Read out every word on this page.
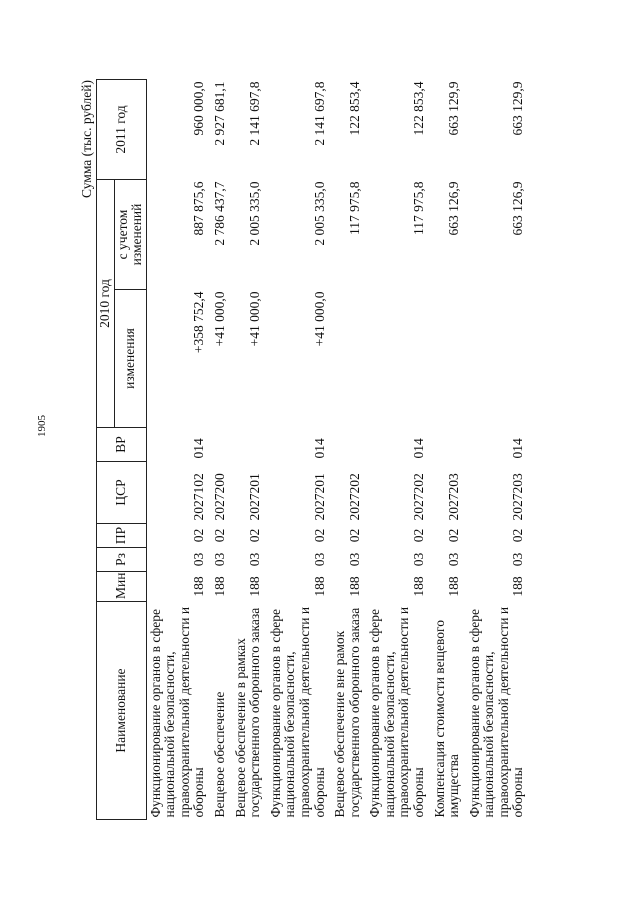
1905
Сумма (тыс. рублей)
Наименование	Мин	Рз	ПР	ЦСР	ВР	2010 год		2011 год
						изменения	с учетом изменений	
Функционирование органов в сфере национальной безопасности, правоохранительной деятельности и обороны	188	03	02	2027102	014	+358 752,4	887 875,6	960 000,0
Вещевое обеспечение	188	03	02	2027200		+41 000,0	2 786 437,7	2 927 681,1
Вещевое обеспечение в рамках государственного оборонного заказа	188	03	02	2027201		+41 000,0	2 005 335,0	2 141 697,8
Функционирование органов в сфере национальной безопасности, правоохранительной деятельности и обороны	188	03	02	2027201	014	+41 000,0	2 005 335,0	2 141 697,8
Вещевое обеспечение вне рамок государственного оборонного заказа	188	03	02	2027202			117 975,8	122 853,4
Функционирование органов в сфере национальной безопасности, правоохранительной деятельности и обороны	188	03	02	2027202	014		117 975,8	122 853,4
Компенсация стоимости вещевого имущества	188	03	02	2027203			663 126,9	663 129,9
Функционирование органов в сфере национальной безопасности, правоохранительной деятельности и обороны	188	03	02	2027203	014		663 126,9	663 129,9
